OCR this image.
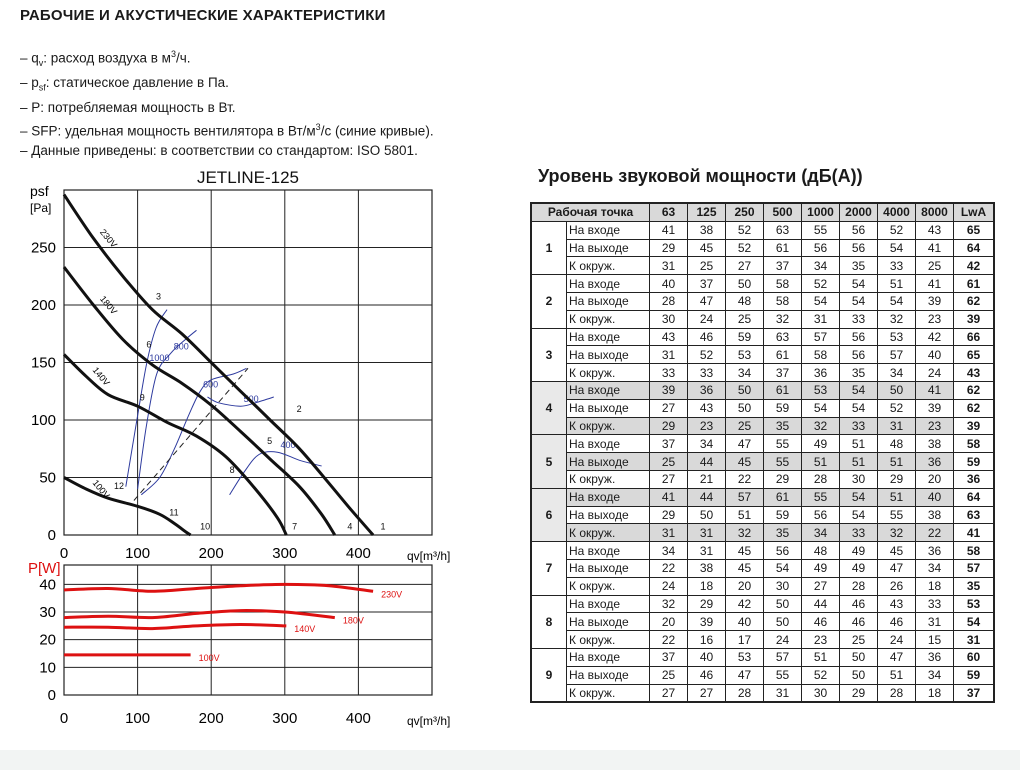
РАБОЧИЕ И АКУСТИЧЕСКИЕ ХАРАКТЕРИСТИКИ
– $q_v$: расход воздуха в $м^3/ч$.
– $p_{sf}$: статическое давление в Па.
– P: потребляемая мощность в Вт.
– SFP: удельная мощность вентилятора в $Вт/м^3/с$ (синие кривые).
– Данные приведены: в соответствии со стандартом: ISO 5801.
JETLINE-125
0	100	200	300	400
0
50
100
150
200
250
psf
[Pa]
qv[m³/h]
1000
800
600
500
400
230V
180V
140V
100V
1
2
3
4
5
6
7
8
9
10
11
12
0	100	200	300	400
0
10
20
30
40
P[W]
qv[m³/h]
230V
180V
140V
100V
Уровень звуковой мощности (дБ(A))
Рабочая точка		63	125	250	500	1000	2000	4000	8000	LwA
1	На входе	41	38	52	63	55	56	52	43	65
	На выходе	29	45	52	61	56	56	54	41	64
	К окруж.	31	25	27	37	34	35	33	25	42
2	На входе	40	37	50	58	52	54	51	41	61
	На выходе	28	47	48	58	54	54	54	39	62
	К окруж.	30	24	25	32	31	33	32	23	39
3	На входе	43	46	59	63	57	56	53	42	66
	На выходе	31	52	53	61	58	56	57	40	65
	К окруж.	33	33	34	37	36	35	34	24	43
4	На входе	39	36	50	61	53	54	50	41	62
	На выходе	27	43	50	59	54	54	52	39	62
	К окруж.	29	23	25	35	32	33	31	23	39
5	На входе	37	34	47	55	49	51	48	38	58
	На выходе	25	44	45	55	51	51	51	36	59
	К окруж.	27	21	22	29	28	30	29	20	36
6	На входе	41	44	57	61	55	54	51	40	64
	На выходе	29	50	51	59	56	54	55	38	63
	К окруж.	31	31	32	35	34	33	32	22	41
7	На входе	34	31	45	56	48	49	45	36	58
	На выходе	22	38	45	54	49	49	47	34	57
	К окруж.	24	18	20	30	27	28	26	18	35
8	На входе	32	29	42	50	44	46	43	33	53
	На выходе	20	39	40	50	46	46	46	31	54
	К окруж.	22	16	17	24	23	25	24	15	31
9	На входе	37	40	53	57	51	50	47	36	60
	На выходе	25	46	47	55	52	50	51	34	59
	К окруж.	27	27	28	31	30	29	28	18	37
